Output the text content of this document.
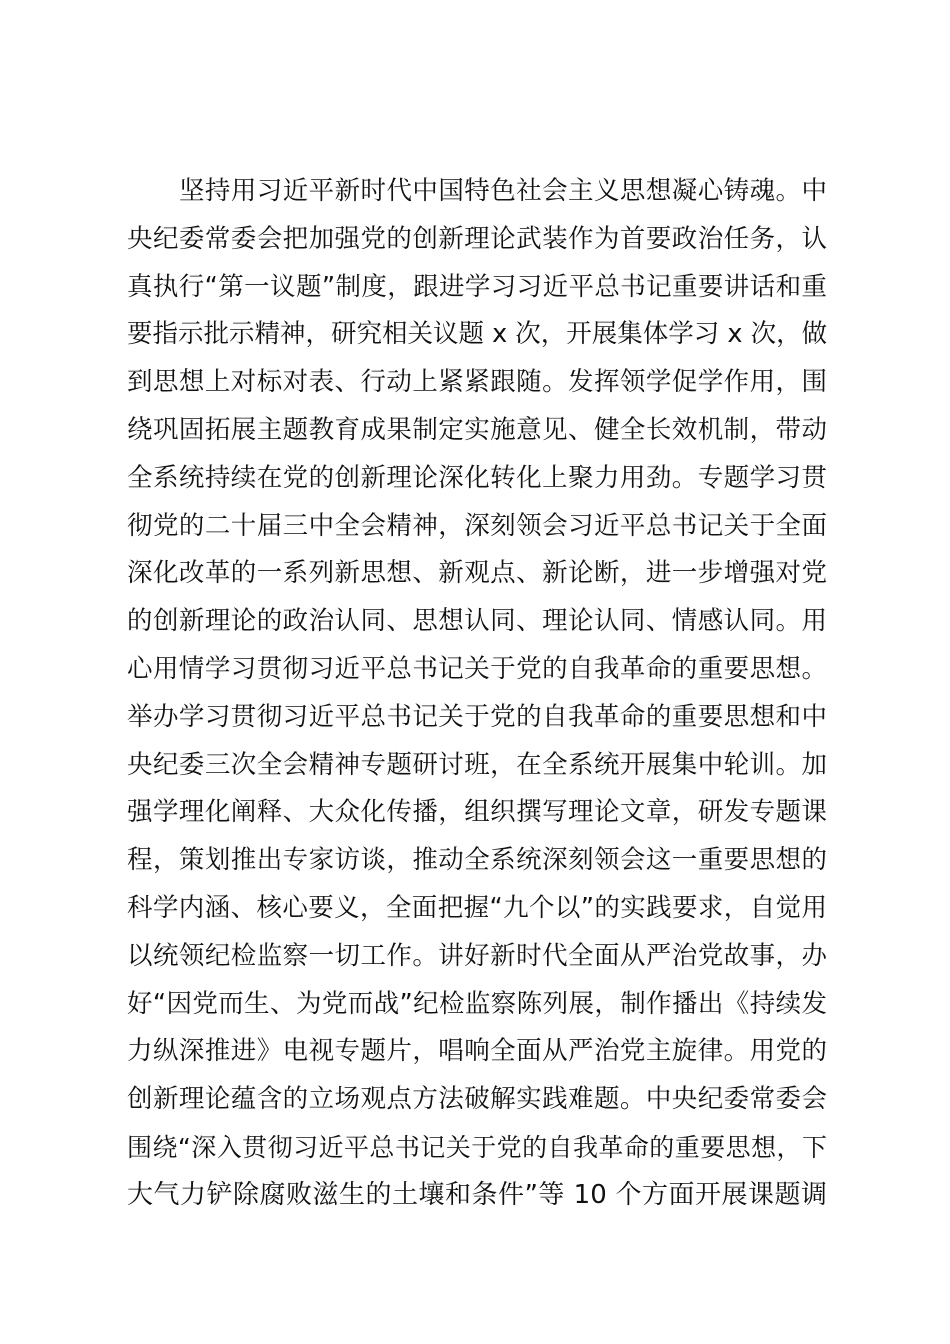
坚持用习近平新时代中国特色社会主义思想凝心铸魂。中
央纪委常委会把加强党的创新理论武装作为首要政治任务，认
真执行“第一议题”制度，跟进学习习近平总书记重要讲话和重
要指示批示精神，研究相关议题 x 次，开展集体学习 x 次，做
到思想上对标对表、行动上紧紧跟随。发挥领学促学作用，围
绕巩固拓展主题教育成果制定实施意见、健全长效机制，带动
全系统持续在党的创新理论深化转化上聚力用劲。专题学习贯
彻党的二十届三中全会精神，深刻领会习近平总书记关于全面
深化改革的一系列新思想、新观点、新论断，进一步增强对党
的创新理论的政治认同、思想认同、理论认同、情感认同。用
心用情学习贯彻习近平总书记关于党的自我革命的重要思想。
举办学习贯彻习近平总书记关于党的自我革命的重要思想和中
央纪委三次全会精神专题研讨班，在全系统开展集中轮训。加
强学理化阐释、大众化传播，组织撰写理论文章，研发专题课
程，策划推出专家访谈，推动全系统深刻领会这一重要思想的
科学内涵、核心要义，全面把握“九个以”的实践要求，自觉用
以统领纪检监察一切工作。讲好新时代全面从严治党故事，办
好“因党而生、为党而战”纪检监察陈列展，制作播出《持续发
力纵深推进》电视专题片，唱响全面从严治党主旋律。用党的
创新理论蕴含的立场观点方法破解实践难题。中央纪委常委会
围绕“深入贯彻习近平总书记关于党的自我革命的重要思想，下
大气力铲除腐败滋生的土壤和条件”等 10 个方面开展课题调
